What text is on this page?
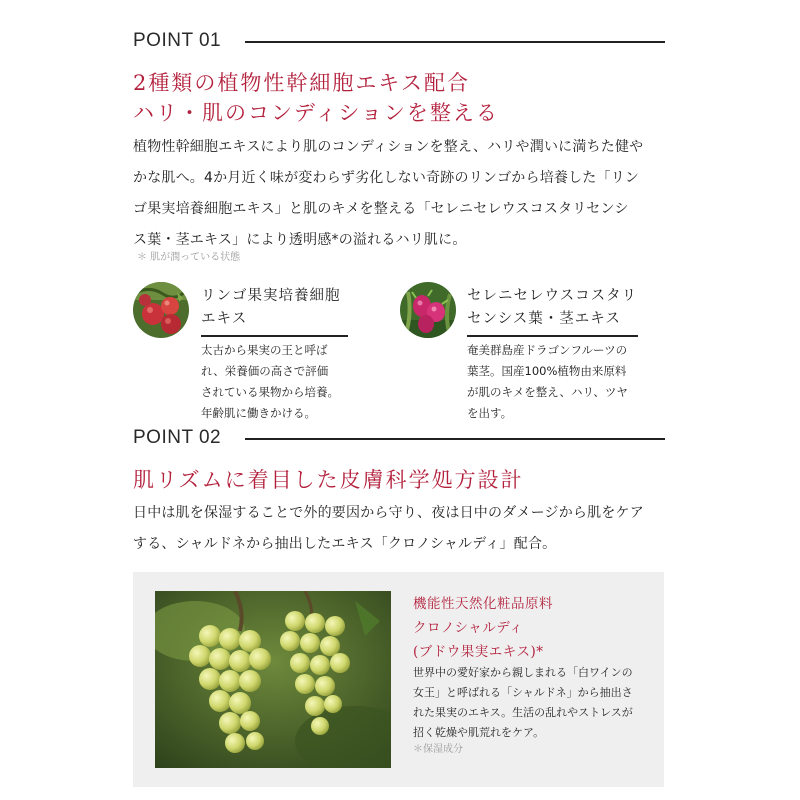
POINT 01
2種類の植物性幹細胞エキス配合
ハリ・肌のコンディションを整える
植物性幹細胞エキスにより肌のコンディションを整え、ハリや潤いに満ちた健や
かな肌へ。4か月近く味が変わらず劣化しない奇跡のリンゴから培養した「リン
ゴ果実培養細胞エキス」と肌のキメを整える「セレニセレウスコスタリセンシ
ス葉・茎エキス」により透明感*の溢れるハリ肌に。
＊ 肌が潤っている状態
リンゴ果実培養細胞
エキス
太古から果実の王と呼ば
れ、栄養価の高さで評価
されている果物から培養。
年齢肌に働きかける。
セレニセレウスコスタリ
センシス葉・茎エキス
奄美群島産ドラゴンフルーツの
葉茎。国産100%植物由来原料
が肌のキメを整え、ハリ、ツヤ
を出す。
POINT 02
肌リズムに着目した皮膚科学処方設計
日中は肌を保湿することで外的要因から守り、夜は日中のダメージから肌をケア
する、シャルドネから抽出したエキス「クロノシャルディ」配合。
機能性天然化粧品原料
クロノシャルディ
(ブドウ果実エキス)*
世界中の愛好家から親しまれる「白ワインの
女王」と呼ばれる「シャルドネ」から抽出さ
れた果実のエキス。生活の乱れやストレスが
招く乾燥や肌荒れをケア。
＊保湿成分
